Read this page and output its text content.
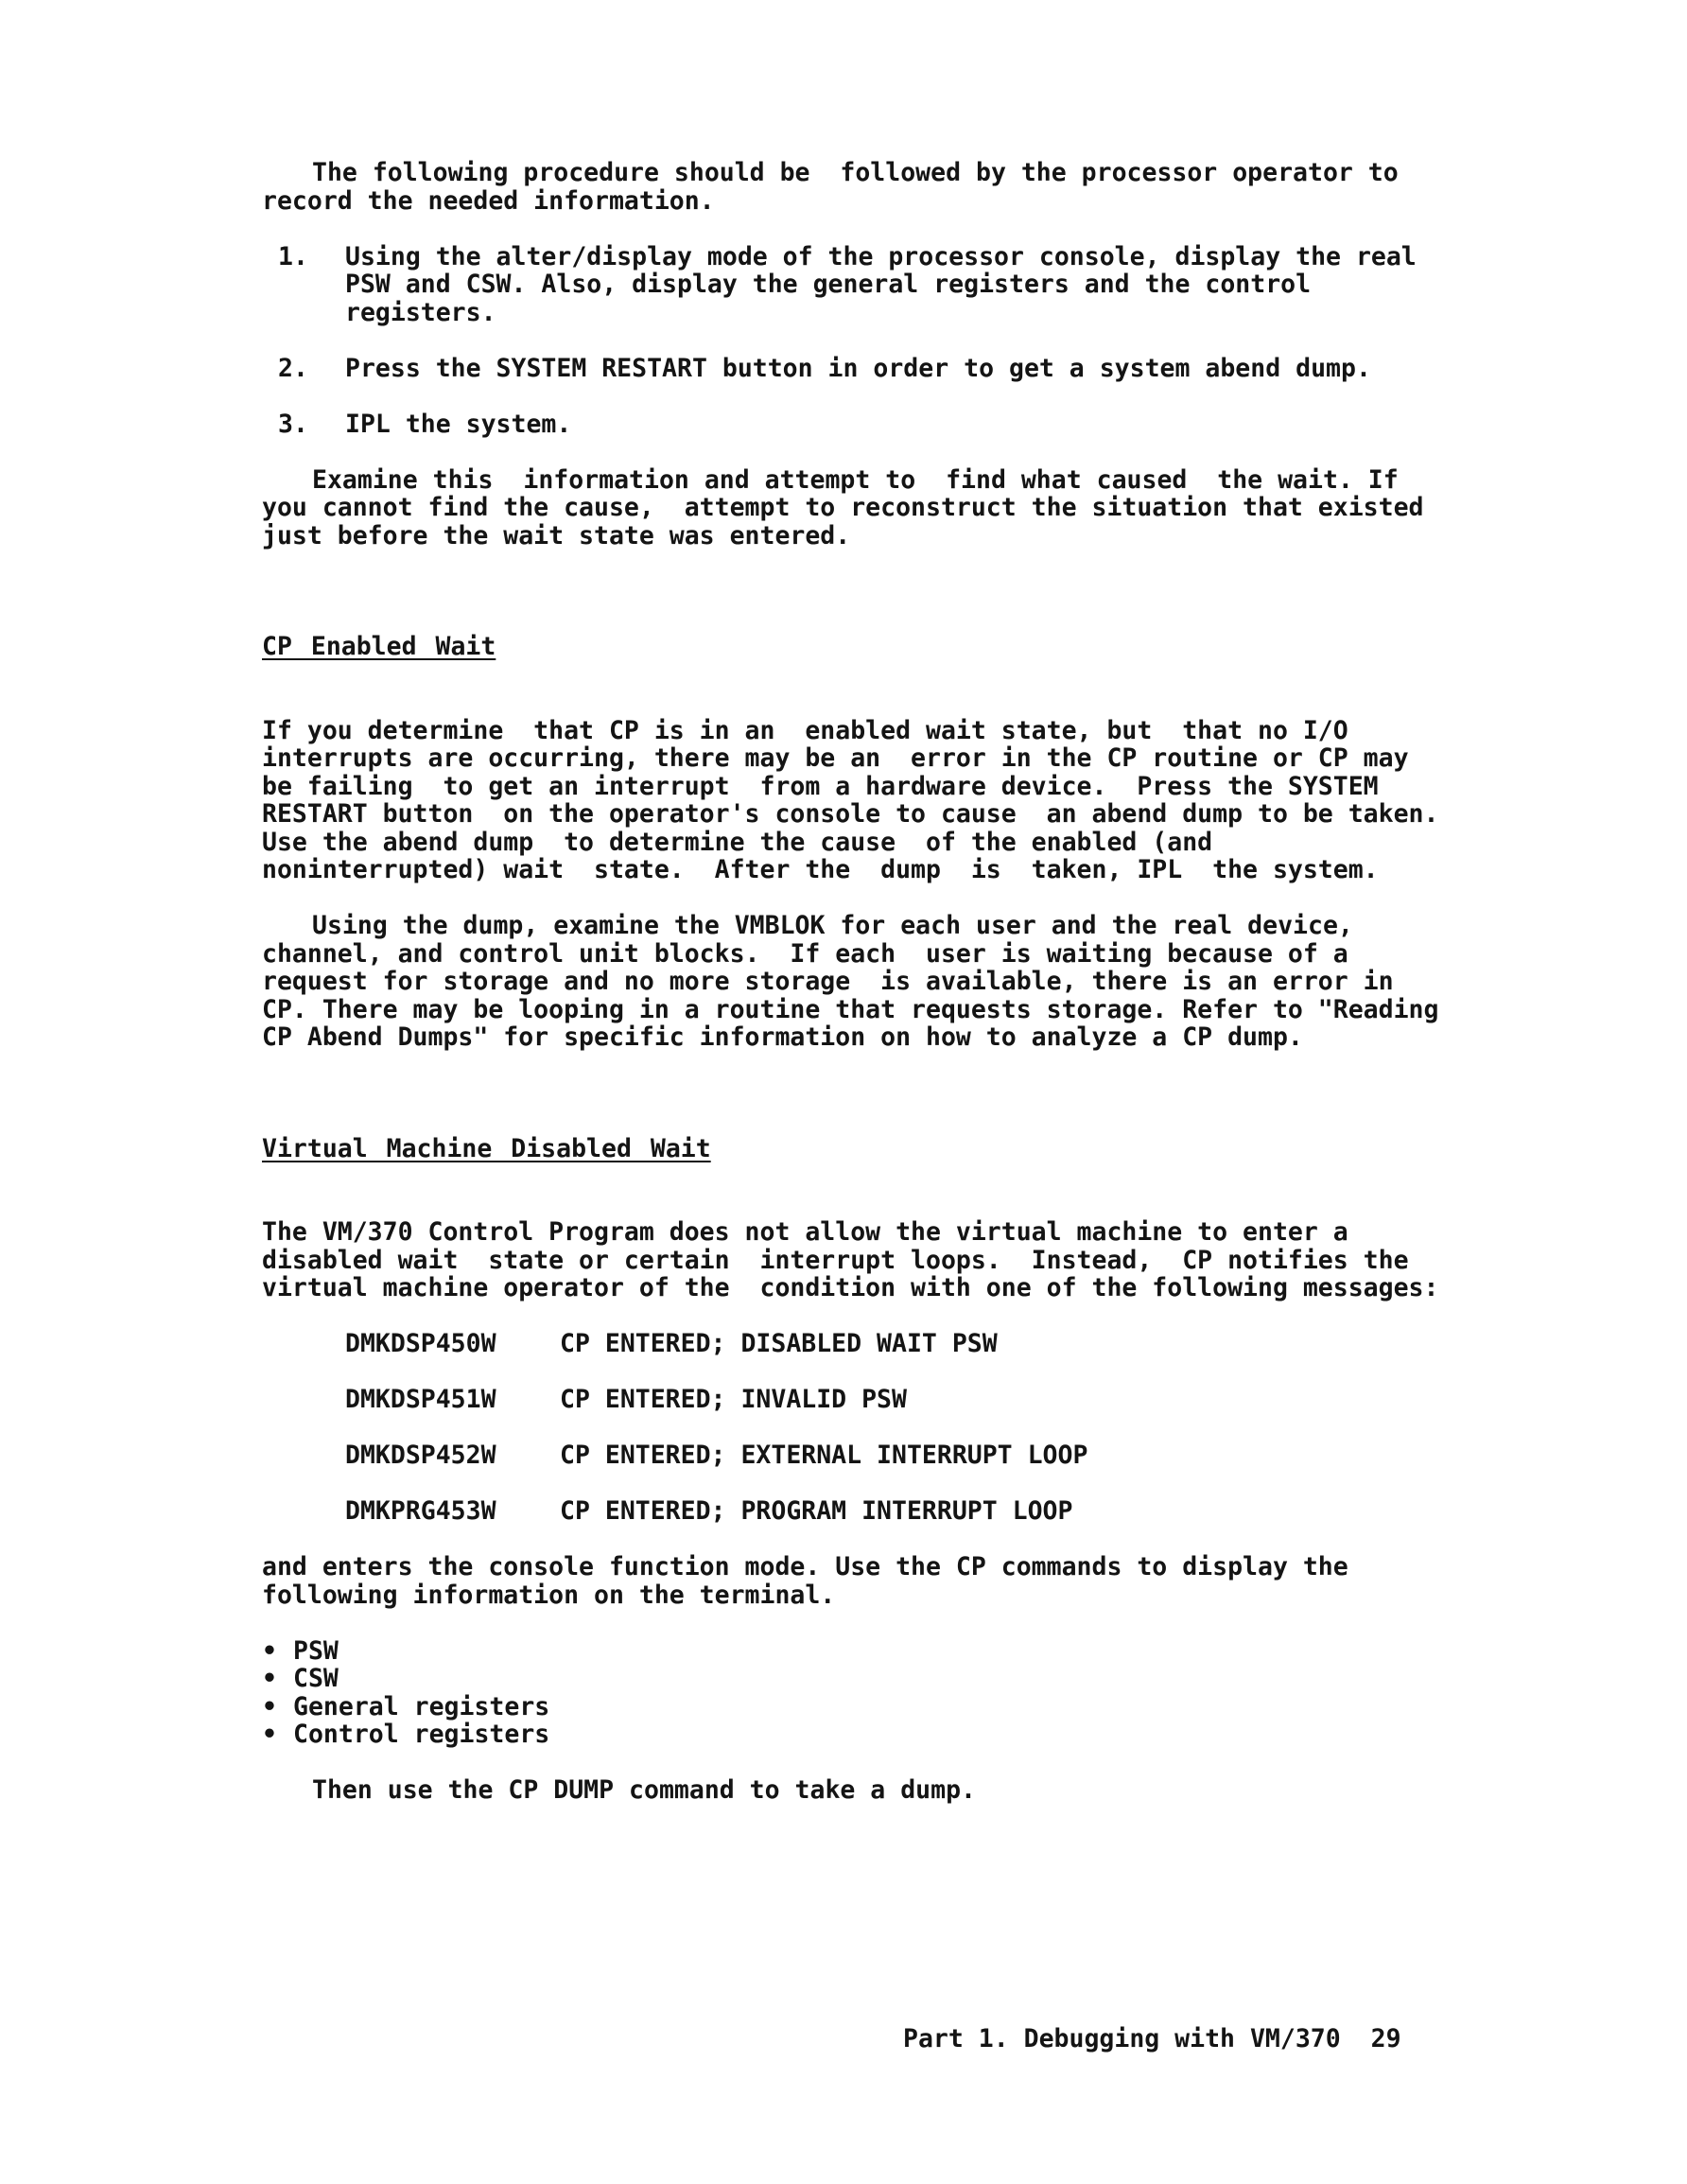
The following procedure should be  followed by the processor operator to record the needed information.

1. Using the alter/display mode of the processor console, display the real PSW and CSW. Also, display the general registers and the control registers.
2. Press the SYSTEM RESTART button in order to get a system abend dump.
3. IPL the system.

Examine this  information and attempt to  find what caused  the wait. If you cannot find the cause,  attempt to reconstruct the situation that existed just before the wait state was entered.

CP Enabled Wait

If you determine  that CP is in an  enabled wait state, but  that no I/O interrupts are occurring, there may be an  error in the CP routine or CP may be failing  to get an interrupt  from a hardware device.  Press the SYSTEM RESTART button  on the operator's console to cause  an abend dump to be taken.  Use the abend dump  to determine the cause  of the enabled (and  noninterrupted) wait  state.  After the  dump  is  taken, IPL  the system.

Using the dump, examine the VMBLOK for each user and the real device, channel, and control unit blocks.  If each  user is waiting because of a request for storage and no more storage  is available, there is an error in CP. There may be looping in a routine that requests storage. Refer to "Reading CP Abend Dumps" for specific information on how to analyze a CP dump.

Virtual Machine Disabled Wait

The VM/370 Control Program does not allow the virtual machine to enter a disabled wait  state or certain  interrupt loops.  Instead,  CP notifies the virtual machine operator of the  condition with one of the following messages:

DMKDSP450W	CP ENTERED; DISABLED WAIT PSW
DMKDSP451W	CP ENTERED; INVALID PSW
DMKDSP452W	CP ENTERED; EXTERNAL INTERRUPT LOOP
DMKPRG453W	CP ENTERED; PROGRAM INTERRUPT LOOP

and enters the console function mode. Use the CP commands to display the following information on the terminal.

• PSW
• CSW
• General registers
• Control registers

Then use the CP DUMP command to take a dump.

Part 1. Debugging with VM/370 29
